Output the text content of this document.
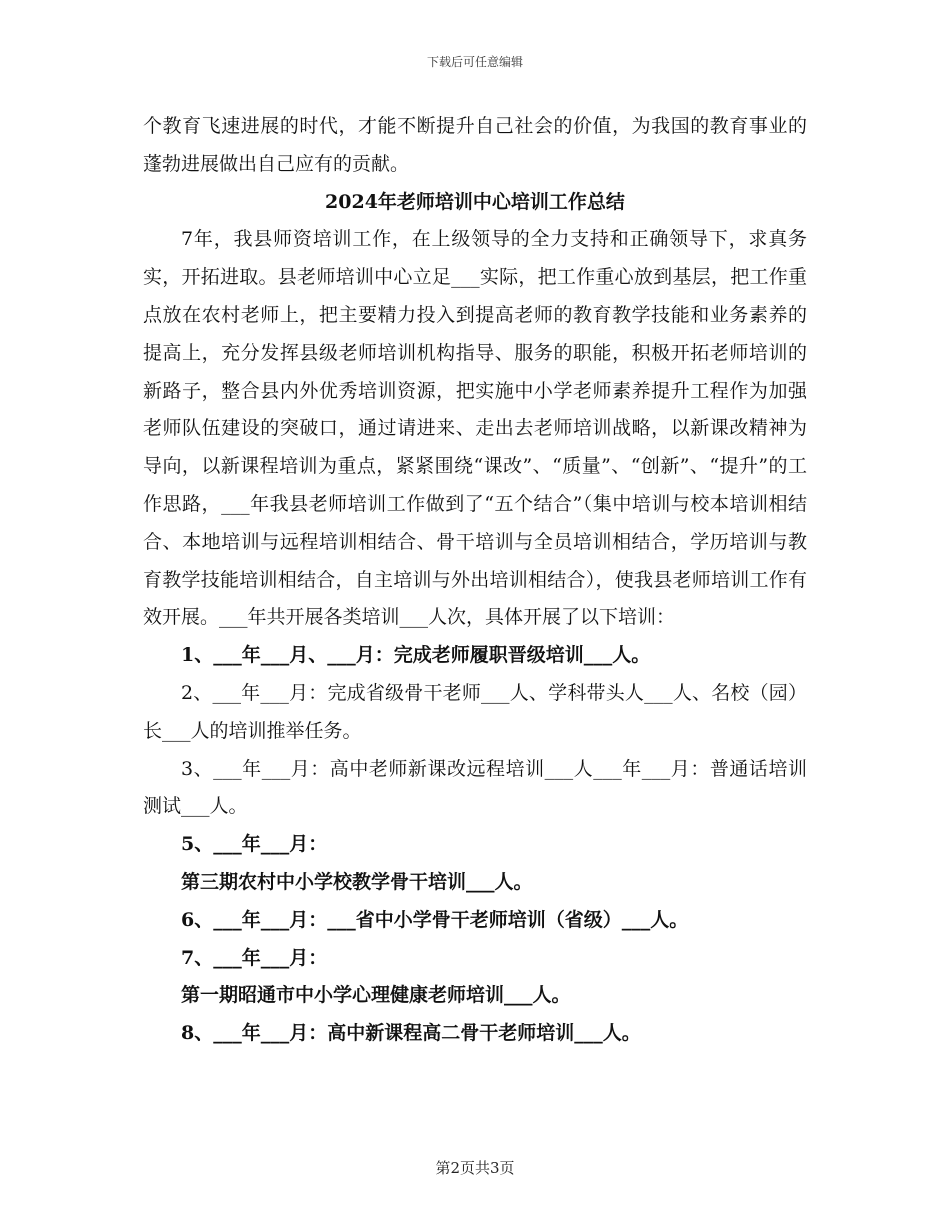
下载后可任意编辑

个教育飞速进展的时代，才能不断提升自己社会的价值，为我国的教育事业的蓬勃进展做出自己应有的贡献。

2024年老师培训中心培训工作总结

7年，我县师资培训工作，在上级领导的全力支持和正确领导下，求真务实，开拓进取。县老师培训中心立足___实际，把工作重心放到基层，把工作重点放在农村老师上，把主要精力投入到提高老师的教育教学技能和业务素养的提高上，充分发挥县级老师培训机构指导、服务的职能，积极开拓老师培训的新路子，整合县内外优秀培训资源，把实施中小学老师素养提升工程作为加强老师队伍建设的突破口，通过请进来、走出去老师培训战略，以新课改精神为导向，以新课程培训为重点，紧紧围绕“课改”、“质量”、“创新”、“提升”的工作思路，___年我县老师培训工作做到了“五个结合”（集中培训与校本培训相结合、本地培训与远程培训相结合、骨干培训与全员培训相结合，学历培训与教育教学技能培训相结合，自主培训与外出培训相结合），使我县老师培训工作有效开展。___年共开展各类培训___人次，具体开展了以下培训：

1、___年___月、___月：完成老师履职晋级培训___人。

2、___年___月：完成省级骨干老师___人、学科带头人___人、名校（园）长___人的培训推举任务。

3、___年___月：高中老师新课改远程培训___人___年___月：普通话培训测试___人。

5、___年___月：

第三期农村中小学校教学骨干培训___人。

6、___年___月：___省中小学骨干老师培训（省级）___人。

7、___年___月：

第一期昭通市中小学心理健康老师培训___人。

8、___年___月：高中新课程高二骨干老师培训___人。

第2页共3页
